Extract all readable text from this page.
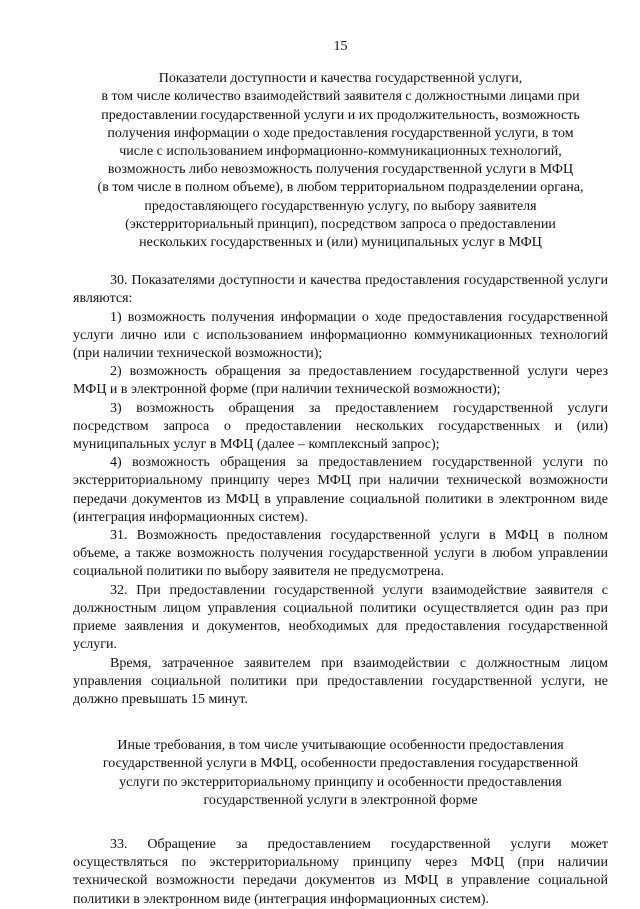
15
Показатели доступности и качества государственной услуги,
в том числе количество взаимодействий заявителя с должностными лицами при
предоставлении государственной услуги и их продолжительность, возможность
получения информации о ходе предоставления государственной услуги, в том
числе с использованием информационно-коммуникационных технологий,
возможность либо невозможность получения государственной услуги в МФЦ
(в том числе в полном объеме), в любом территориальном подразделении органа,
предоставляющего государственную услугу, по выбору заявителя
(экстерриториальный принцип), посредством запроса о предоставлении
нескольких государственных и (или) муниципальных услуг в МФЦ

30. Показателями доступности и качества предоставления государственной услуги являются:

1) возможность получения информации о ходе предоставления государственной услуги лично или с использованием информационно коммуникационных технологий (при наличии технической возможности);

2) возможность обращения за предоставлением государственной услуги через МФЦ и в электронной форме (при наличии технической возможности);

3) возможность обращения за предоставлением государственной услуги посредством запроса о предоставлении нескольких государственных и (или) муниципальных услуг в МФЦ (далее – комплексный запрос);

4) возможность обращения за предоставлением государственной услуги по экстерриториальному принципу через МФЦ при наличии технической возможности передачи документов из МФЦ в управление социальной политики в электронном виде (интеграция информационных систем).

31. Возможность предоставления государственной услуги в МФЦ в полном объеме, а также возможность получения государственной услуги в любом управлении социальной политики по выбору заявителя не предусмотрена.

32. При предоставлении государственной услуги взаимодействие заявителя с должностным лицом управления социальной политики осуществляется один раз при приеме заявления и документов, необходимых для предоставления государственной услуги.

Время, затраченное заявителем при взаимодействии с должностным лицом управления социальной политики при предоставлении государственной услуги, не должно превышать 15 минут.

Иные требования, в том числе учитывающие особенности предоставления
государственной услуги в МФЦ, особенности предоставления государственной
услуги по экстерриториальному принципу и особенности предоставления
государственной услуги в электронной форме

33. Обращение за предоставлением государственной услуги может осуществляться по экстерриториальному принципу через МФЦ (при наличии технической возможности передачи документов из МФЦ в управление социальной политики в электронном виде (интеграция информационных систем).
